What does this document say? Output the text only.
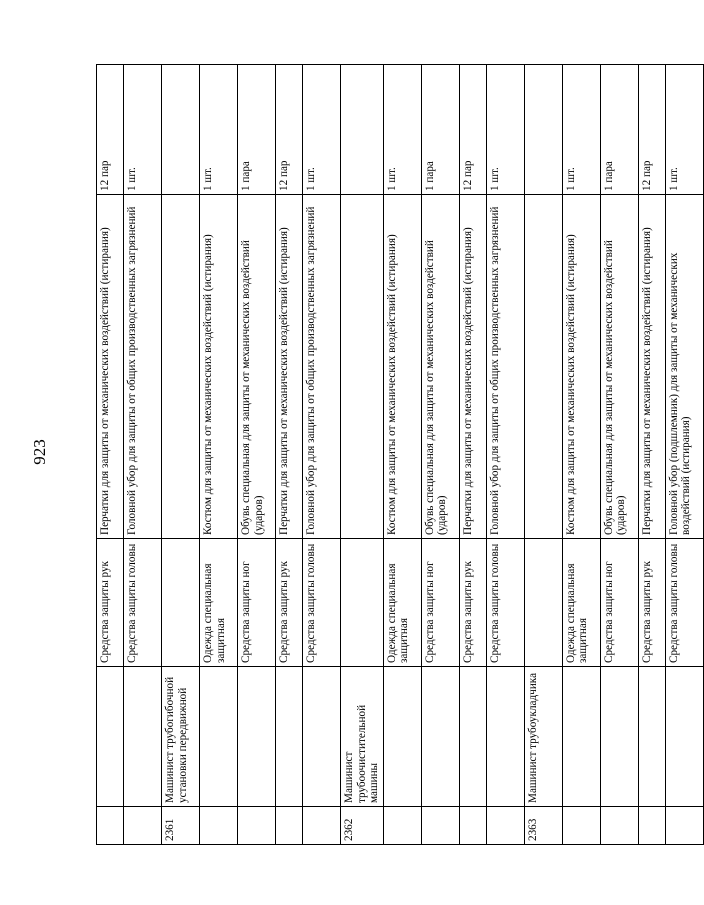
923
		Средства защиты рук	Перчатки для защиты от механических воздействий (истирания)	12 пар
		Средства защиты головы	Головной убор для защиты от общих производственных загрязнений	1 шт.
2361	Машинист трубогибочной установки передвижной			
		Одежда специальная защитная	Костюм для защиты от механических воздействий (истирания)	1 шт.
		Средства защиты ног	Обувь специальная для защиты от механических воздействий (ударов)	1 пара
		Средства защиты рук	Перчатки для защиты от механических воздействий (истирания)	12 пар
		Средства защиты головы	Головной убор для защиты от общих производственных загрязнений	1 шт.
2362	Машинист трубоочистительной машины			
		Одежда специальная защитная	Костюм для защиты от механических воздействий (истирания)	1 шт.
		Средства защиты ног	Обувь специальная для защиты от механических воздействий (ударов)	1 пара
		Средства защиты рук	Перчатки для защиты от механических воздействий (истирания)	12 пар
		Средства защиты головы	Головной убор для защиты от общих производственных загрязнений	1 шт.
2363	Машинист трубоукладчика			
		Одежда специальная защитная	Костюм для защиты от механических воздействий (истирания)	1 шт.
		Средства защиты ног	Обувь специальная для защиты от механических воздействий (ударов)	1 пара
		Средства защиты рук	Перчатки для защиты от механических воздействий (истирания)	12 пар
		Средства защиты головы	Головной убор (подшлемник) для защиты от механических воздействий (истирания)	1 шт.
